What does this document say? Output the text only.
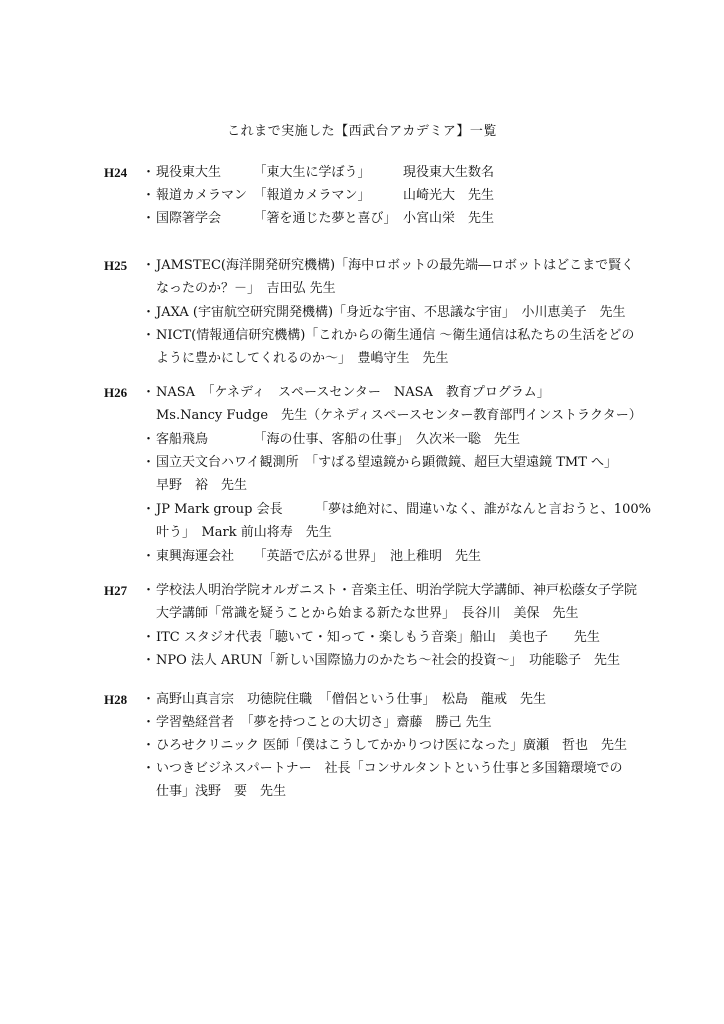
これまで実施した【西武台アカデミア】一覧
H24 ・現役東大生　　　「東大生に学ぼう」　　　現役東大生数名
・報道カメラマン　「報道カメラマン」　　　山崎光大　先生
・国際箸学会　　　「箸を通じた夢と喜び」　小宮山栄　先生
H25 ・JAMSTEC(海洋開発研究機構)「海中ロボットの最先端―ロボットはどこまで賢く
なったのか？－」　吉田弘 先生
・JAXA (宇宙航空研究開発機構)「身近な宇宙、不思議な宇宙」　小川恵美子　先生
・NICT(情報通信研究機構)「これからの衛生通信 ～衛生通信は私たちの生活をどの
ように豊かにしてくれるのか～」　豊嶋守生　先生
H26 ・NASA　「ケネディ　スペースセンター　NASA　教育プログラム」
Ms.Nancy Fudge　先生（ケネディスペースセンター教育部門インストラクター）
・客船飛鳥　　　　「海の仕事、客船の仕事」　久次米一聡　先生
・国立天文台ハワイ観測所　「すばる望遠鏡から顕微鏡、超巨大望遠鏡 TMT へ」
早野　裕　先生
・JP Mark group 会長　　　「夢は絶対に、間違いなく、誰がなんと言おうと、100%
叶う」　Mark 前山将寿　先生
・東興海運会社　　「英語で広がる世界」　池上稚明　先生
H27 ・学校法人明治学院オルガニスト・音楽主任、明治学院大学講師、神戸松蔭女子学院
大学講師「常識を疑うことから始まる新たな世界」　長谷川　美保　先生
・ITC スタジオ代表「聴いて・知って・楽しもう音楽」船山　美也子　　先生
・NPO 法人 ARUN「新しい国際協力のかたち～社会的投資～」　功能聡子　先生
H28 ・高野山真言宗　功徳院住職　「僧侶という仕事」　松島　龍戒　先生
・学習塾経営者　「夢を持つことの大切さ」齋藤　勝己 先生
・ひろせクリニック 医師「僕はこうしてかかりつけ医になった」廣瀬　哲也　先生
・いつきビジネスパートナー　社長「コンサルタントという仕事と多国籍環境での
仕事」浅野　要　先生
